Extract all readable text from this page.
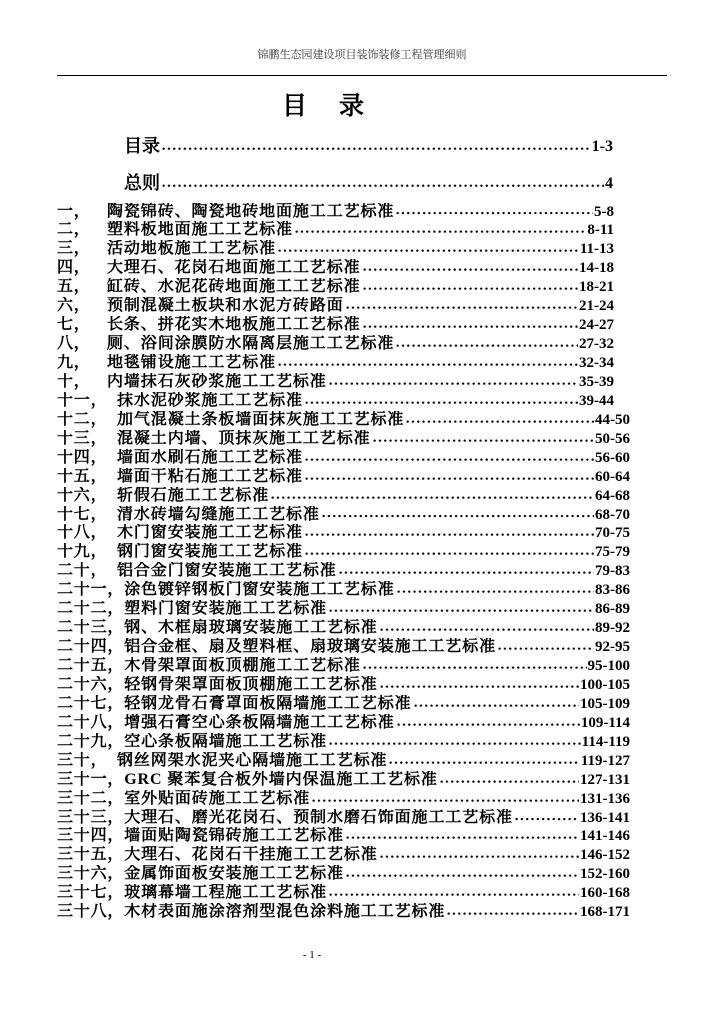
锦鹏生态园建设项目装饰装修工程管理细则
目　录
目录	1-3
总则	4
一，	陶瓷锦砖、陶瓷地砖地面施工工艺标准	5-8
二，	塑料板地面施工工艺标准	8-11
三，	活动地板施工工艺标准	11-13
四，	大理石、花岗石地面施工工艺标准	14-18
五，	缸砖、水泥花砖地面施工工艺标准	18-21
六，	预制混凝土板块和水泥方砖路面	21-24
七，	长条、拼花实木地板施工工艺标准	24-27
八，	厕、浴间涂膜防水隔离层施工工艺标准	27-32
九，	地毯铺设施工工艺标准	32-34
十，	内墙抹石灰砂浆施工工艺标准	35-39
十一， 抹水泥砂浆施工工艺标准	39-44
十二， 加气混凝土条板墙面抹灰施工工艺标准	44-50
十三， 混凝土内墙、顶抹灰施工工艺标准	50-56
十四， 墙面水刷石施工工艺标准	56-60
十五， 墙面干粘石施工工艺标准	60-64
十六， 斩假石施工工艺标准	64-68
十七， 清水砖墙勾缝施工工艺标准	68-70
十八， 木门窗安装施工工艺标准	70-75
十九， 钢门窗安装施工工艺标准	75-79
二十， 铝合金门窗安装施工工艺标准	79-83
二十一， 涂色镀锌钢板门窗安装施工工艺标准	83-86
二十二， 塑料门窗安装施工工艺标准	86-89
二十三， 钢、木框扇玻璃安装施工工艺标准	89-92
二十四， 铝合金框、扇及塑料框、扇玻璃安装施工工艺标准	92-95
二十五， 木骨架罩面板顶棚施工工艺标准	95-100
二十六， 轻钢骨架罩面板顶棚施工工艺标准	100-105
二十七， 轻钢龙骨石膏罩面板隔墙施工工艺标准	105-109
二十八， 增强石膏空心条板隔墙施工工艺标准	109-114
二十九， 空心条板隔墙施工工艺标准	114-119
三十， 钢丝网架水泥夹心隔墙施工工艺标准	119-127
三十一， GRC 聚苯复合板外墙内保温施工工艺标准	127-131
三十二， 室外贴面砖施工工艺标准	131-136
三十三， 大理石、磨光花岗石、预制水磨石饰面施工工艺标准	136-141
三十四， 墙面贴陶瓷锦砖施工工艺标准	141-146
三十五， 大理石、花岗石干挂施工工艺标准	146-152
三十六， 金属饰面板安装施工工艺标准	152-160
三十七， 玻璃幕墙工程施工工艺标准	160-168
三十八， 木材表面施涂溶剂型混色涂料施工工艺标准	168-171
- 1 -
